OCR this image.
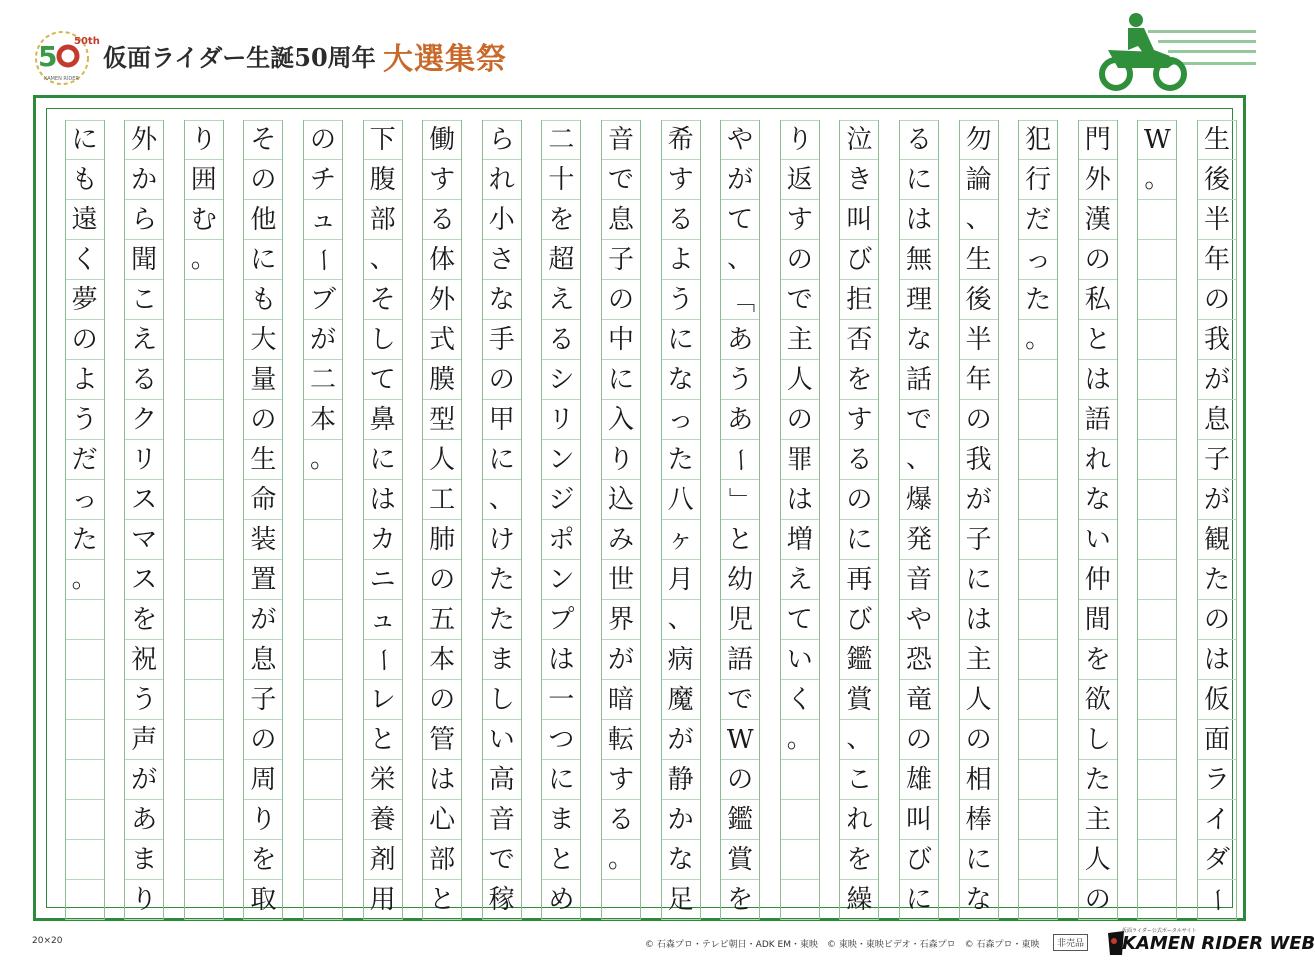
5 50th
KAMEN RIDER
仮面ライダー生誕50周年 大選集祭
生
後
半
年
の
我
が
息
子
が
観
た
の
は
仮
面
ラ
イ
ダ
ー
W
。
門
外
漢
の
私
と
は
語
れ
な
い
仲
間
を
欲
し
た
主
人
の
犯
行
だ
っ
た
。
勿
論
、
生
後
半
年
の
我
が
子
に
は
主
人
の
相
棒
に
な
る
に
は
無
理
な
話
で
、
爆
発
音
や
恐
竜
の
雄
叫
び
に
泣
き
叫
び
拒
否
を
す
る
の
に
再
び
鑑
賞
、
こ
れ
を
繰
り
返
す
の
で
主
人
の
罪
は
増
え
て
い
く
。
や
が
て
、
「
あ
う
あ
ー
」
と
幼
児
語
で
W
の
鑑
賞
を
希
す
る
よ
う
に
な
っ
た
八
ヶ
月
、
病
魔
が
静
か
な
足
音
で
息
子
の
中
に
入
り
込
み
世
界
が
暗
転
す
る
。
二
十
を
超
え
る
シ
リ
ン
ジ
ポ
ン
プ
は
一
つ
に
ま
と
め
ら
れ
小
さ
な
手
の
甲
に
、
け
た
た
ま
し
い
高
音
で
稼
働
す
る
体
外
式
膜
型
人
工
肺
の
五
本
の
管
は
心
部
と
下
腹
部
、
そ
し
て
鼻
に
は
カ
ニ
ュ
ー
レ
と
栄
養
剤
用
の
チ
ュ
ー
ブ
が
二
本
。
そ
の
他
に
も
大
量
の
生
命
装
置
が
息
子
の
周
り
を
取
り
囲
む
。
外
か
ら
聞
こ
え
る
ク
リ
ス
マ
ス
を
祝
う
声
が
あ
ま
り
に
も
遠
く
夢
の
よ
う
だ
っ
た
。
20×20	© 石森プロ・テレビ朝日・ADK EM・東映　© 東映・東映ビデオ・石森プロ　© 石森プロ・東映	非売品
仮面ライダー公式ポータルサイト
KAMEN RIDER WEB
